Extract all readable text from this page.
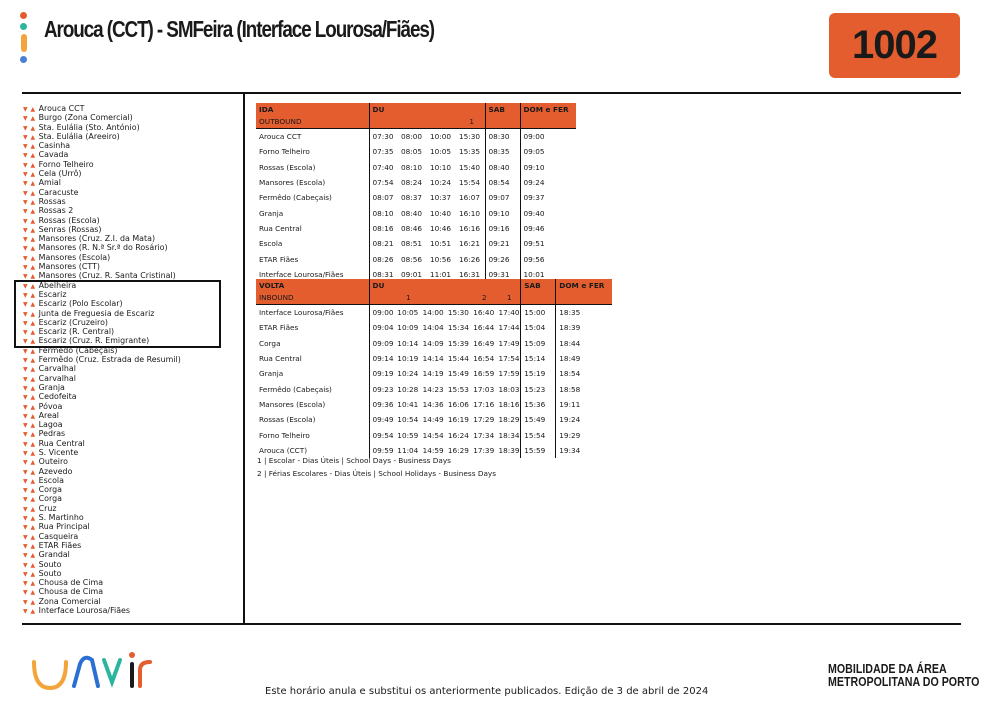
Arouca (CCT) - SMFeira (Interface Lourosa/Fiães)	1002
▼ ▲ Arouca CCT
▼ ▲ Burgo (Zona Comercial)
▼ ▲ Sta. Eulália (Sto. António)
▼ ▲ Sta. Eulália (Areeiro)
▼ ▲ Casinha
▼ ▲ Cavada
▼ ▲ Forno Telheiro
▼ ▲ Cela (Urrô)
▼ ▲ Amial
▼ ▲ Caracuste
▼ ▲ Rossas
▼ ▲ Rossas 2
▼ ▲ Rossas (Escola)
▼ ▲ Senras (Rossas)
▼ ▲ Mansores (Cruz. Z.I. da Mata)
▼ ▲ Mansores (R. N.ª Sr.ª do Rosário)
▼ ▲ Mansores (Escola)
▼ ▲ Mansores (CTT)
▼ ▲ Mansores (Cruz. R. Santa Cristinal)
▼ ▲ Abelheira
▼ ▲ Escariz
▼ ▲ Escariz (Polo Escolar)
▼ ▲ Junta de Freguesia de Escariz
▼ ▲ Escariz (Cruzeiro)
▼ ▲ Escariz (R. Central)
▼ ▲ Escariz (Cruz. R. Emigrante)
▼ ▲ Fermêdo (Cabeçais)
▼ ▲ Fermêdo (Cruz. Estrada de Resumil)
▼ ▲ Carvalhal
▼ ▲ Carvalhal
▼ ▲ Granja
▼ ▲ Cedofeita
▼ ▲ Póvoa
▼ ▲ Areal
▼ ▲ Lagoa
▼ ▲ Pedras
▼ ▲ Rua Central
▼ ▲ S. Vicente
▼ ▲ Outeiro
▼ ▲ Azevedo
▼ ▲ Escola
▼ ▲ Corga
▼ ▲ Corga
▼ ▲ Cruz
▼ ▲ S. Martinho
▼ ▲ Rua Principal
▼ ▲ Casqueira
▼ ▲ ETAR Fiães
▼ ▲ Grandal
▼ ▲ Souto
▼ ▲ Souto
▼ ▲ Chousa de Cima
▼ ▲ Chousa de Cima
▼ ▲ Zona Comercial
▼ ▲ Interface Lourosa/Fiães
IDA	DU				SAB	DOM e FER
OUTBOUND				1		
Arouca CCT	07:30	08:00	10:00	15:30	08:30	09:00
Forno Telheiro	07:35	08:05	10:05	15:35	08:35	09:05
Rossas (Escola)	07:40	08:10	10:10	15:40	08:40	09:10
Mansores (Escola)	07:54	08:24	10:24	15:54	08:54	09:24
Fermêdo (Cabeçais)	08:07	08:37	10:37	16:07	09:07	09:37
Granja	08:10	08:40	10:40	16:10	09:10	09:40
Rua Central	08:16	08:46	10:46	16:16	09:16	09:46
Escola	08:21	08:51	10:51	16:21	09:21	09:51
ETAR Fiães	08:26	08:56	10:56	16:26	09:26	09:56
Interface Lourosa/Fiães	08:31	09:01	11:01	16:31	09:31	10:01
VOLTA	DU						SAB	DOM e FER
INBOUND		1			2	1		
Interface Lourosa/Fiães	09:00	10:05	14:00	15:30	16:40	17:40	15:00	18:35
ETAR Fiães	09:04	10:09	14:04	15:34	16:44	17:44	15:04	18:39
Corga	09:09	10:14	14:09	15:39	16:49	17:49	15:09	18:44
Rua Central	09:14	10:19	14:14	15:44	16:54	17:54	15:14	18:49
Granja	09:19	10:24	14:19	15:49	16:59	17:59	15:19	18:54
Fermêdo (Cabeçais)	09:23	10:28	14:23	15:53	17:03	18:03	15:23	18:58
Mansores (Escola)	09:36	10:41	14:36	16:06	17:16	18:16	15:36	19:11
Rossas (Escola)	09:49	10:54	14:49	16:19	17:29	18:29	15:49	19:24
Forno Telheiro	09:54	10:59	14:54	16:24	17:34	18:34	15:54	19:29
Arouca (CCT)	09:59	11:04	14:59	16:29	17:39	18:39	15:59	19:34
1 | Escolar - Dias Úteis | School Days - Business Days
2 | Férias Escolares - Dias Úteis | School Holidays - Business Days
Este horário anula e substitui os anteriormente publicados. Edição de 3 de abril de 2024
MOBILIDADE DA ÁREA
METROPOLITANA DO PORTO
